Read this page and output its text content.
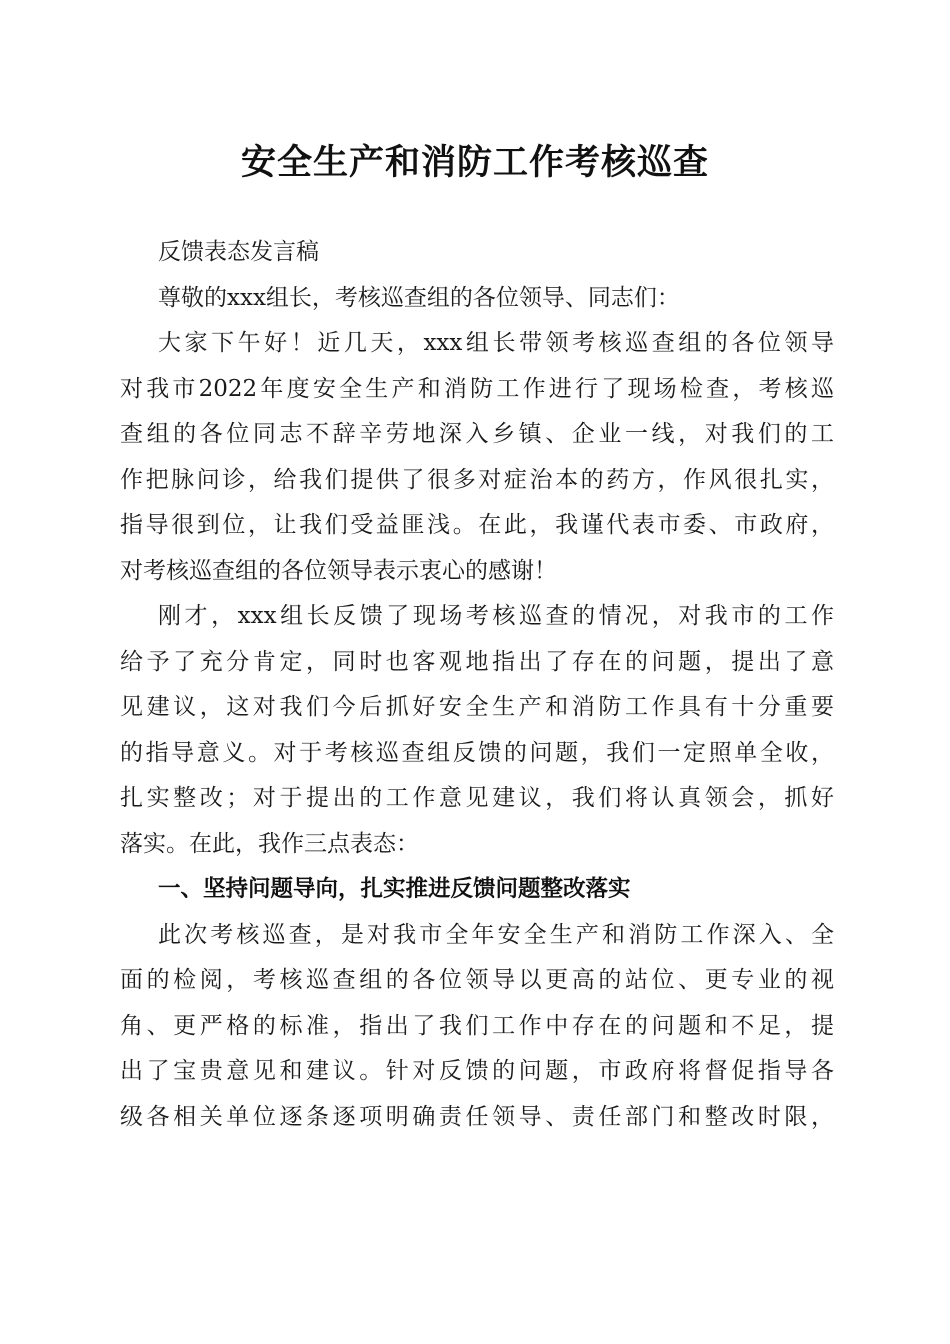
安全生产和消防工作考核巡查
反馈表态发言稿
尊敬的xxx组长，考核巡查组的各位领导、同志们：
大家下午好！近几天，xxx组长带领考核巡查组的各位领导
对我市2022年度安全生产和消防工作进行了现场检查，考核巡
查组的各位同志不辞辛劳地深入乡镇、企业一线，对我们的工
作把脉问诊，给我们提供了很多对症治本的药方，作风很扎实，
指导很到位，让我们受益匪浅。在此，我谨代表市委、市政府，
对考核巡查组的各位领导表示衷心的感谢！
刚才，xxx组长反馈了现场考核巡查的情况，对我市的工作
给予了充分肯定，同时也客观地指出了存在的问题，提出了意
见建议，这对我们今后抓好安全生产和消防工作具有十分重要
的指导意义。对于考核巡查组反馈的问题，我们一定照单全收，
扎实整改；对于提出的工作意见建议，我们将认真领会，抓好
落实。在此，我作三点表态：
一、坚持问题导向，扎实推进反馈问题整改落实
此次考核巡查，是对我市全年安全生产和消防工作深入、全
面的检阅，考核巡查组的各位领导以更高的站位、更专业的视
角、更严格的标准，指出了我们工作中存在的问题和不足，提
出了宝贵意见和建议。针对反馈的问题，市政府将督促指导各
级各相关单位逐条逐项明确责任领导、责任部门和整改时限，
